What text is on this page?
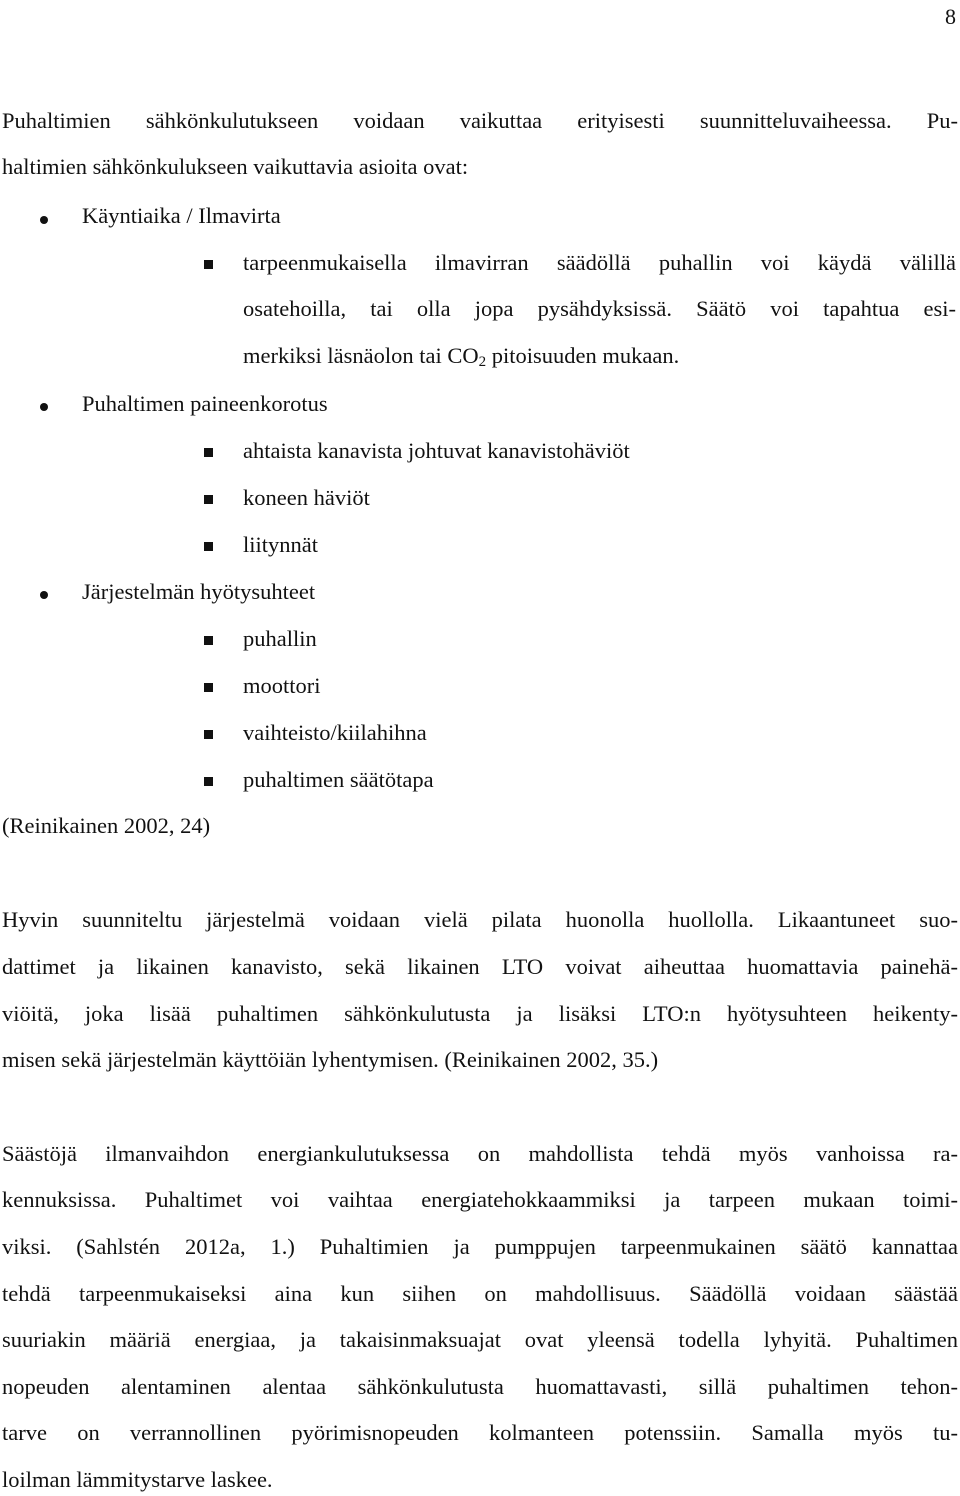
8
Puhaltimien sähkönkulutukseen voidaan vaikuttaa erityisesti suunnitteluvaiheessa. Pu-
haltimien sähkönkulukseen vaikuttavia asioita ovat:
Käyntiaika / Ilmavirta
tarpeenmukaisella ilmavirran säädöllä puhallin voi käydä välillä
osatehoilla, tai olla jopa pysähdyksissä. Säätö voi tapahtua esi-
merkiksi läsnäolon tai $CO_2$ pitoisuuden mukaan.
Puhaltimen paineenkorotus
ahtaista kanavista johtuvat kanavistohäviöt
koneen häviöt
liitynnät
Järjestelmän hyötysuhteet
puhallin
moottori
vaihteisto/kiilahihna
puhaltimen säätötapa
(Reinikainen 2002, 24)
Hyvin suunniteltu järjestelmä voidaan vielä pilata huonolla huollolla. Likaantuneet suo-
dattimet ja likainen kanavisto, sekä likainen LTO voivat aiheuttaa huomattavia painehä-
viöitä, joka lisää puhaltimen sähkönkulutusta ja lisäksi LTO:n hyötysuhteen heikenty-
misen sekä järjestelmän käyttöiän lyhentymisen. (Reinikainen 2002, 35.)
Säästöjä ilmanvaihdon energiankulutuksessa on mahdollista tehdä myös vanhoissa ra-
kennuksissa. Puhaltimet voi vaihtaa energiatehokkaammiksi ja tarpeen mukaan toimi-
viksi. (Sahlstén 2012a, 1.) Puhaltimien ja pumppujen tarpeenmukainen säätö kannattaa
tehdä tarpeenmukaiseksi aina kun siihen on mahdollisuus. Säädöllä voidaan säästää
suuriakin määriä energiaa, ja takaisinmaksuajat ovat yleensä todella lyhyitä. Puhaltimen
nopeuden alentaminen alentaa sähkönkulutusta huomattavasti, sillä puhaltimen tehon-
tarve on verrannollinen pyörimisnopeuden kolmanteen potenssiin. Samalla myös tu-
loilman lämmitystarve laskee.
